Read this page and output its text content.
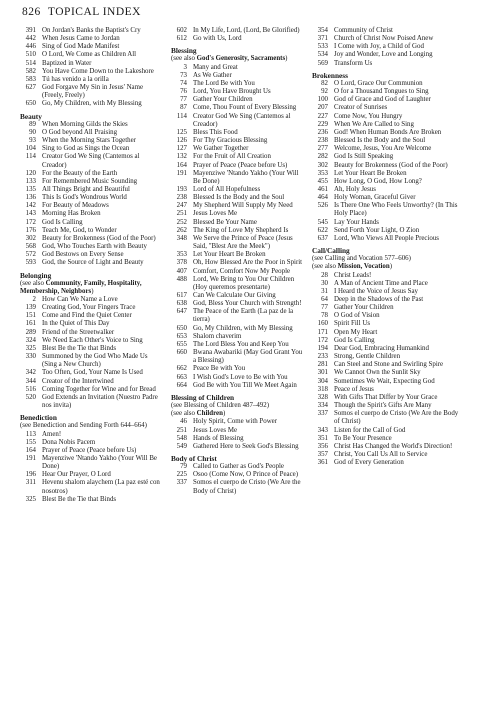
826 TOPICAL INDEX
391 On Jordan's Banks the Baptist's Cry
442 When Jesus Came to Jordan
446 Sing of God Made Manifest
510 O Lord, We Come as Children All
514 Baptized in Water
582 You Have Come Down to the Lakeshore
583 Tú has venido a la orilla
627 God Forgave My Sin in Jesus' Name (Freely, Freely)
650 Go, My Children, with My Blessing
Beauty
89 When Morning Gilds the Skies
90 O God beyond All Praising
93 When the Morning Stars Together
104 Sing to God as Sings the Ocean
114 Creator God We Sing (Cantemos al Creador)
120 For the Beauty of the Earth
133 For Remembered Music Sounding
135 All Things Bright and Beautiful
136 This Is God's Wondrous World
142 For Beauty of Meadows
143 Morning Has Broken
172 God Is Calling
176 Teach Me, God, to Wonder
302 Beauty for Brokenness (God of the Poor)
568 God, Who Touches Earth with Beauty
572 God Bestows on Every Sense
593 God, the Source of Light and Beauty
Belonging
(see also Community, Family, Hospitality, Membership, Neighbors)
2 How Can We Name a Love
139 Creating God, Your Fingers Trace
151 Come and Find the Quiet Center
161 In the Quiet of This Day
289 Friend of the Streetwalker
324 We Need Each Other's Voice to Sing
325 Blest Be the Tie that Binds
330 Summoned by the God Who Made Us (Sing a New Church)
342 Too Often, God, Your Name Is Used
344 Creator of the Intertwined
516 Coming Together for Wine and for Bread
520 God Extends an Invitation (Nuestro Padre nos invita)
Benediction
(see Benediction and Sending Forth 644–664)
113 Amen!
155 Dona Nobis Pacem
164 Prayer of Peace (Peace before Us)
191 Mayenziwe 'Ntando Yakho (Your Will Be Done)
196 Hear Our Prayer, O Lord
311 Hevenu shalom alaychem (La paz esté con nosotros)
325 Blest Be the Tie that Binds
602 In My Life, Lord, (Lord, Be Glorified)
612 Go with Us, Lord
Blessing
(see also God's Generosity, Sacraments)
3 Many and Great
73 As We Gather
74 The Lord Be with You
76 Lord, You Have Brought Us
77 Gather Your Children
87 Come, Thou Fount of Every Blessing
114 Creator God We Sing (Cantemos al Creador)
125 Bless This Food
126 For Thy Gracious Blessing
127 We Gather Together
132 For the Fruit of All Creation
164 Prayer of Peace (Peace before Us)
191 Mayenziwe 'Ntando Yakho (Your Will Be Done)
193 Lord of All Hopefulness
238 Blessed Is the Body and the Soul
247 My Shepherd Will Supply My Need
251 Jesus Loves Me
252 Blessed Be Your Name
262 The King of Love My Shepherd Is
348 We Serve the Prince of Peace (Jesus Said, "Blest Are the Meek")
353 Let Your Heart Be Broken
378 Oh, How Blessed Are the Poor in Spirit
407 Comfort, Comfort Now My People
488 Lord, We Bring to You Our Children (Hoy queremos presentarte)
617 Can We Calculate Our Giving
638 God, Bless Your Church with Strength!
647 The Peace of the Earth (La paz de la tierra)
650 Go, My Children, with My Blessing
653 Shalom chaverim
655 The Lord Bless You and Keep You
660 Bwana Awabariki (May God Grant You a Blessing)
662 Peace Be with You
663 I Wish God's Love to Be with You
664 God Be with You Till We Meet Again
Blessing of Children
(see Blessing of Children 487–492)
(see also Children)
46 Holy Spirit, Come with Power
251 Jesus Loves Me
548 Hands of Blessing
549 Gathered Here to Seek God's Blessing
Body of Christ
79 Called to Gather as God's People
225 Osoo (Come Now, O Prince of Peace)
337 Somos el cuerpo de Cristo (We Are the Body of Christ)
354 Community of Christ
371 Church of Christ Now Poised Anew
533 I Come with Joy, a Child of God
534 Joy and Wonder, Love and Longing
569 Transform Us
Brokenness
82 O Lord, Grace Our Communion
92 O for a Thousand Tongues to Sing
100 God of Grace and God of Laughter
207 Creator of Sunrises
227 Come Now, You Hungry
229 When We Are Called to Sing
236 God! When Human Bonds Are Broken
238 Blessed Is the Body and the Soul
277 Welcome, Jesus, You Are Welcome
282 God Is Still Speaking
302 Beauty for Brokenness (God of the Poor)
353 Let Your Heart Be Broken
455 How Long, O God, How Long?
461 Ah, Holy Jesus
464 Holy Woman, Graceful Giver
526 Is There One Who Feels Unworthy? (In This Holy Place)
545 Lay Your Hands
622 Send Forth Your Light, O Zion
637 Lord, Who Views All People Precious
Call/Calling
(see Calling and Vocation 577–606)
(see also Mission, Vocation)
28 Christ Leads!
30 A Man of Ancient Time and Place
31 I Heard the Voice of Jesus Say
64 Deep in the Shadows of the Past
77 Gather Your Children
78 O God of Vision
160 Spirit Fill Us
171 Open My Heart
172 God Is Calling
194 Dear God, Embracing Humankind
233 Strong, Gentle Children
281 Can Steel and Stone and Swirling Spire
301 We Cannot Own the Sunlit Sky
304 Sometimes We Wait, Expecting God
318 Peace of Jesus
328 With Gifts That Differ by Your Grace
334 Though the Spirit's Gifts Are Many
337 Somos el cuerpo de Cristo (We Are the Body of Christ)
343 Listen for the Call of God
351 To Be Your Presence
356 Christ Has Changed the World's Direction!
357 Christ, You Call Us All to Service
361 God of Every Generation
